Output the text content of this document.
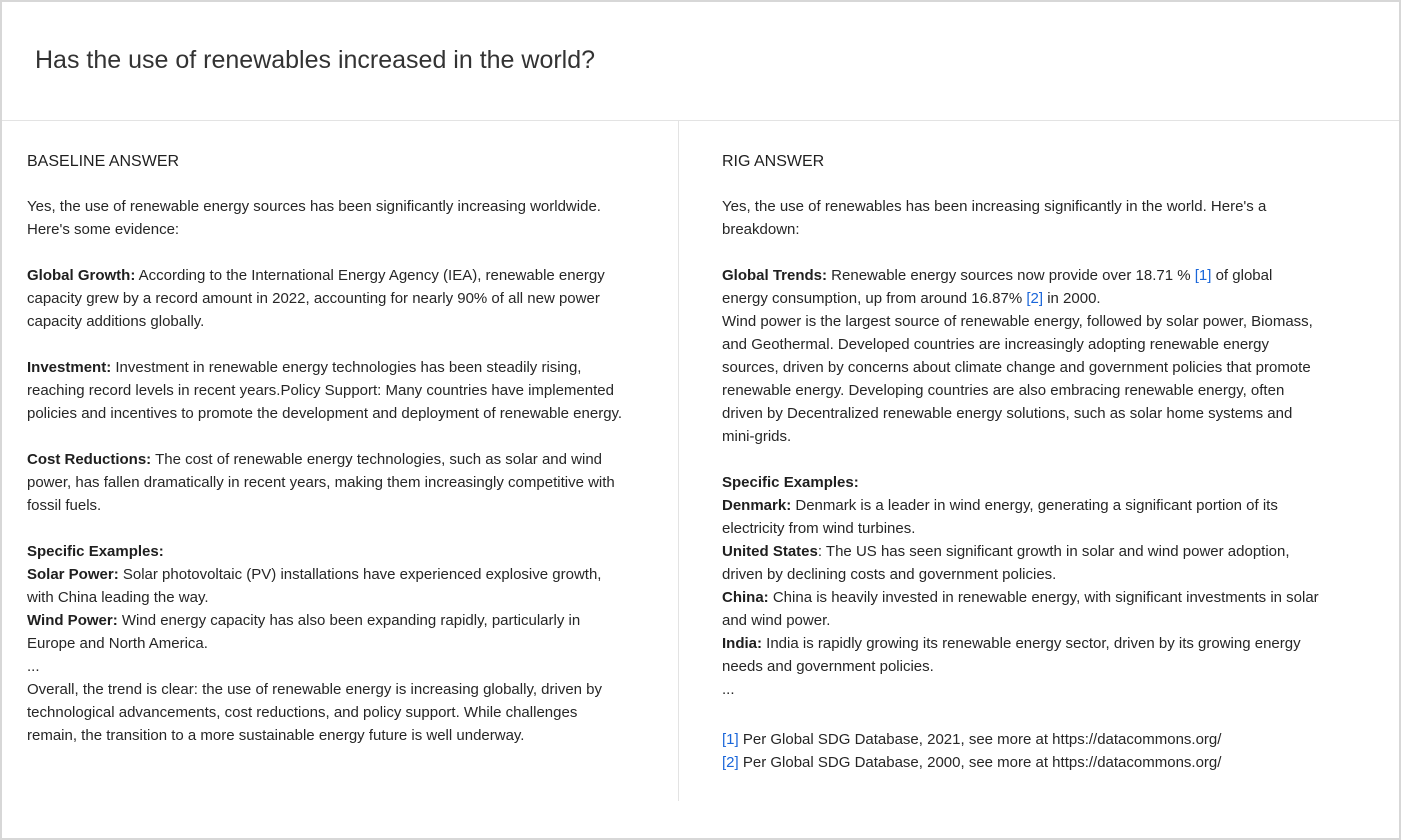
Has the use of renewables increased in the world?
BASELINE ANSWER

Yes, the use of renewable energy sources has been significantly increasing worldwide. Here's some evidence:

Global Growth: According to the International Energy Agency (IEA), renewable energy capacity grew by a record amount in 2022, accounting for nearly 90% of all new power capacity additions globally.

Investment: Investment in renewable energy technologies has been steadily rising, reaching record levels in recent years.Policy Support: Many countries have implemented policies and incentives to promote the development and deployment of renewable energy.

Cost Reductions: The cost of renewable energy technologies, such as solar and wind power, has fallen dramatically in recent years, making them increasingly competitive with fossil fuels.

Specific Examples:
Solar Power: Solar photovoltaic (PV) installations have experienced explosive growth, with China leading the way.
Wind Power: Wind energy capacity has also been expanding rapidly, particularly in Europe and North America.
...
Overall, the trend is clear: the use of renewable energy is increasing globally, driven by technological advancements, cost reductions, and policy support. While challenges remain, the transition to a more sustainable energy future is well underway.
RIG ANSWER

Yes, the use of renewables has been increasing significantly in the world. Here's a breakdown:

Global Trends: Renewable energy sources now provide over 18.71 % [1] of global energy consumption, up from around 16.87% [2] in 2000.
Wind power is the largest source of renewable energy, followed by solar power, Biomass, and Geothermal. Developed countries are increasingly adopting renewable energy sources, driven by concerns about climate change and government policies that promote renewable energy. Developing countries are also embracing renewable energy, often driven by Decentralized renewable energy solutions, such as solar home systems and mini-grids.

Specific Examples:
Denmark: Denmark is a leader in wind energy, generating a significant portion of its electricity from wind turbines.
United States: The US has seen significant growth in solar and wind power adoption, driven by declining costs and government policies.
China: China is heavily invested in renewable energy, with significant investments in solar and wind power.
India: India is rapidly growing its renewable energy sector, driven by its growing energy needs and government policies.
...
[1] Per Global SDG Database, 2021, see more at https://datacommons.org/
[2] Per Global SDG Database, 2000, see more at https://datacommons.org/
